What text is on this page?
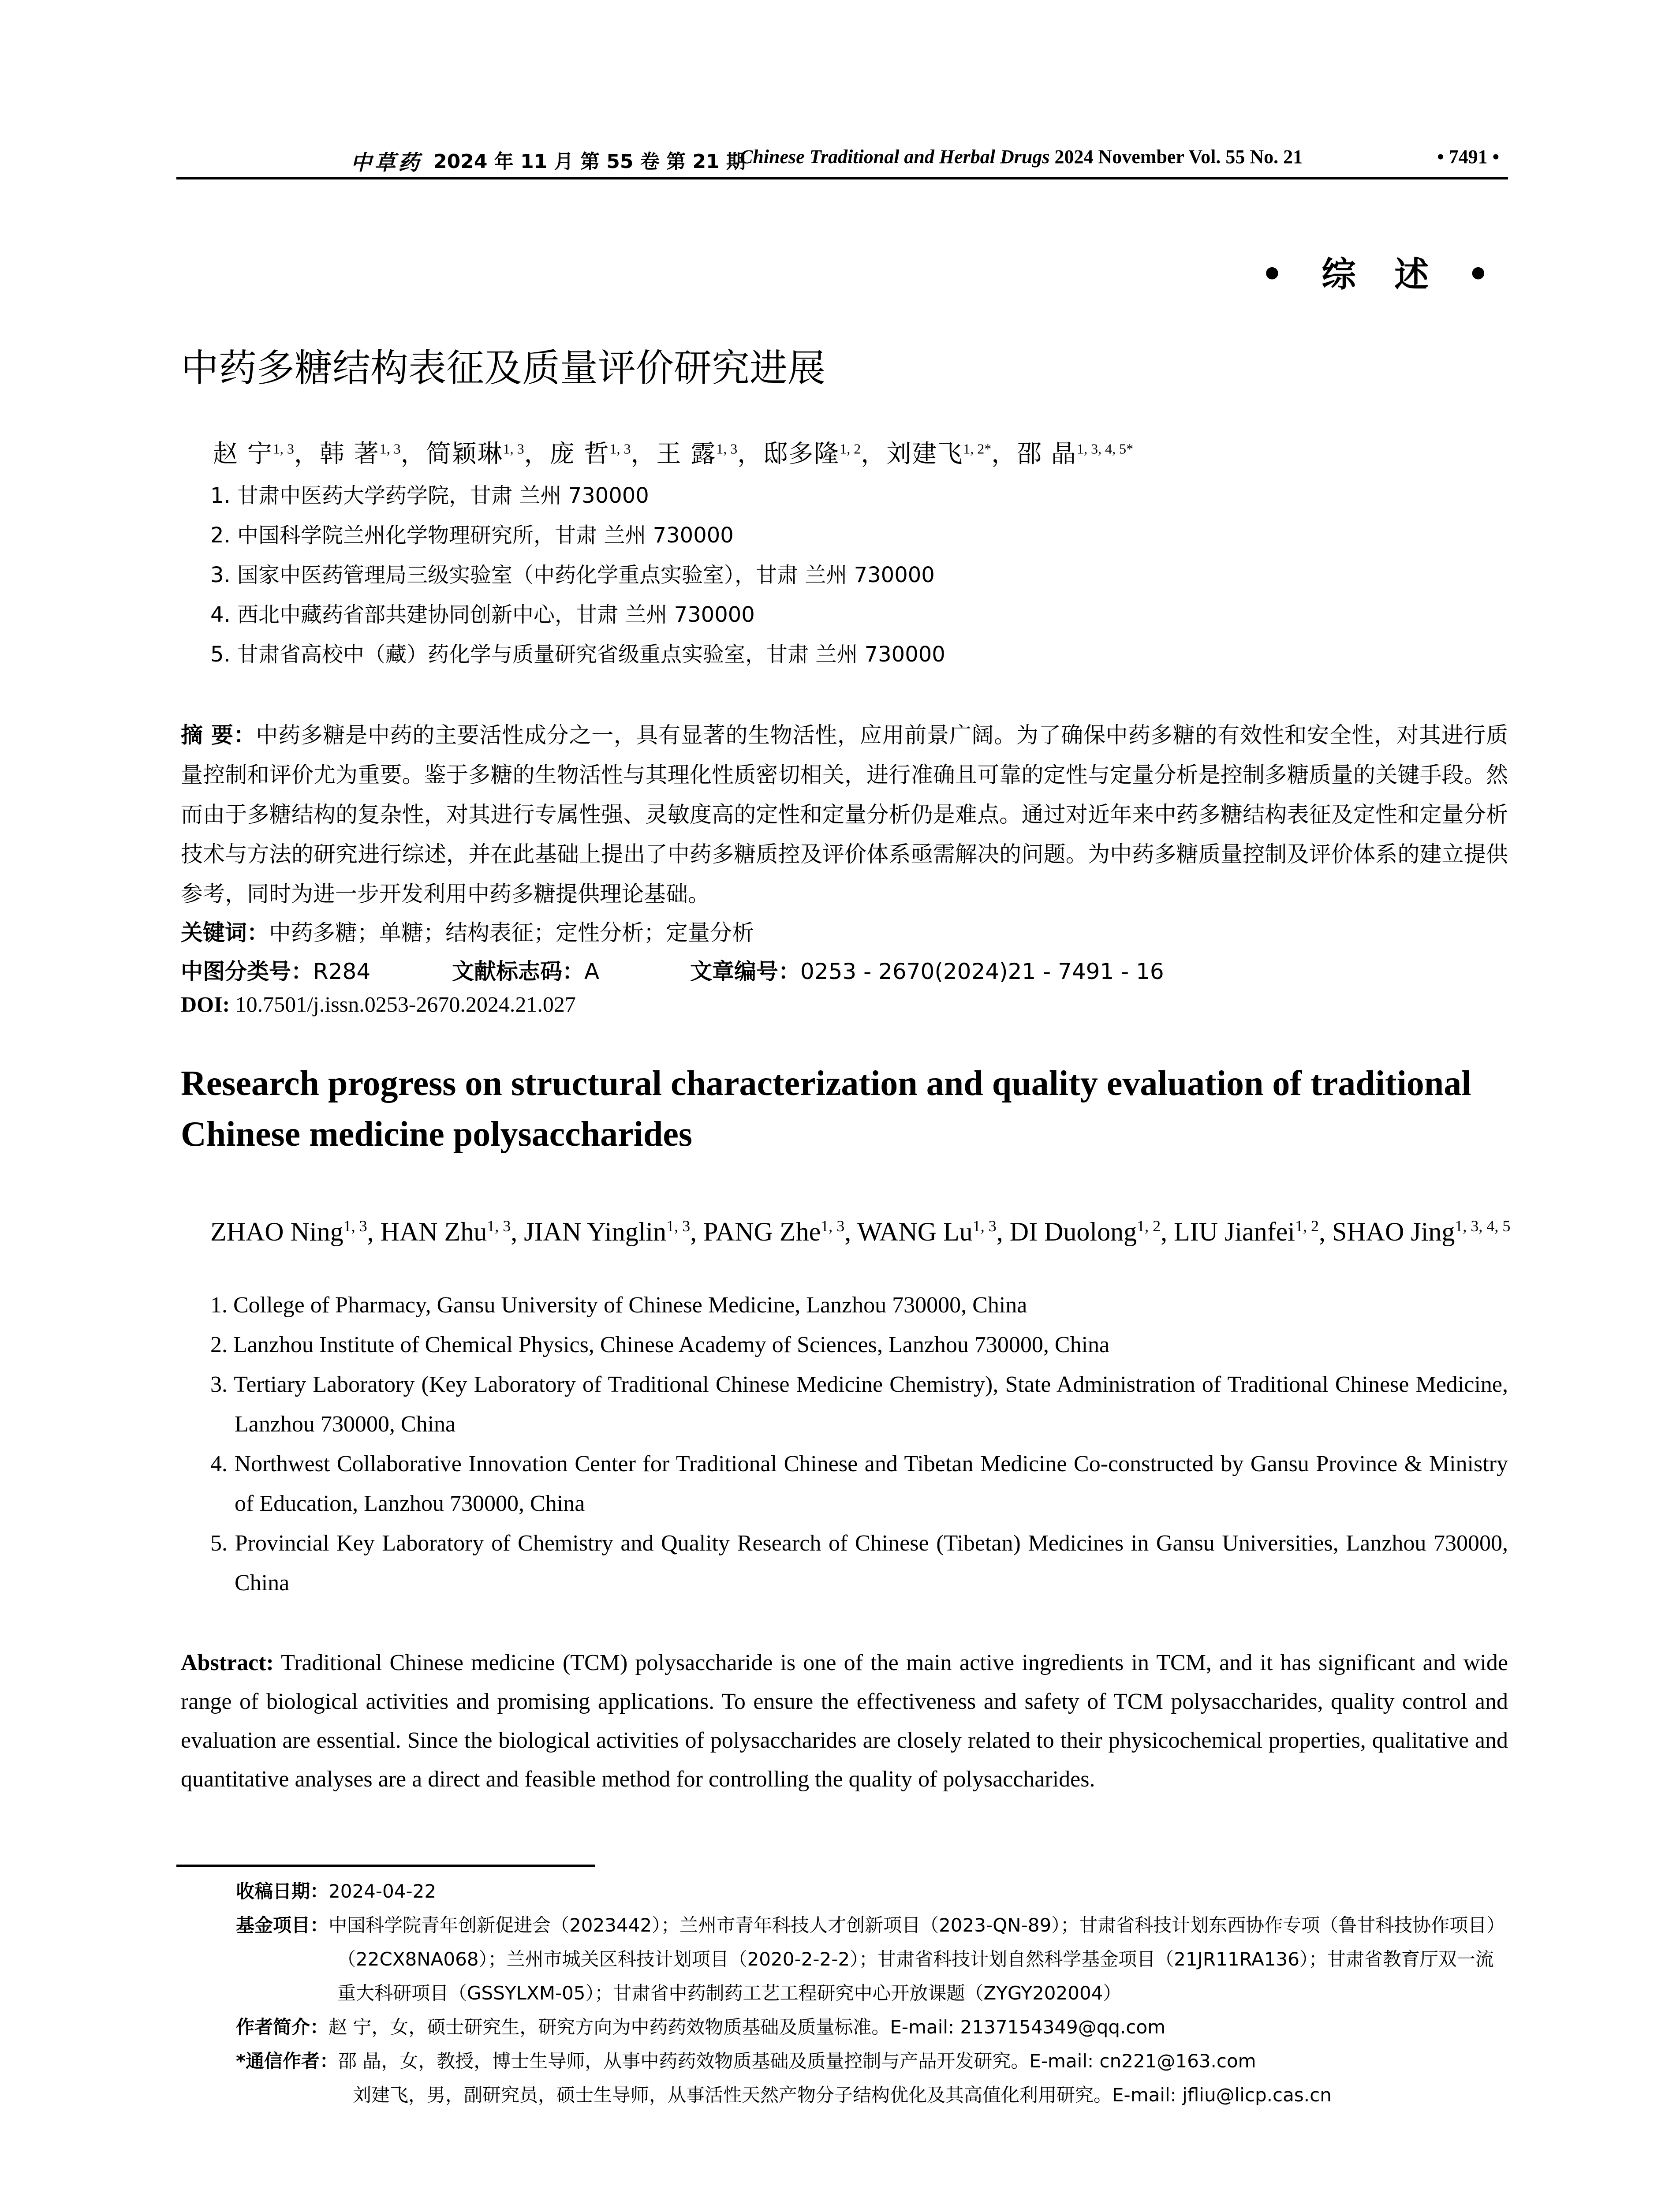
中草药 2024 年 11 月 第 55 卷 第 21 期
Chinese Traditional and Herbal Drugs 2024 November Vol. 55 No. 21	• 7491 •
• 综 述 •
中药多糖结构表征及质量评价研究进展
赵 宁$^{1, 3}$，韩 著$^{1, 3}$，简颖琳$^{1, 3}$，庞 哲$^{1, 3}$，王 露$^{1, 3}$，邸多隆$^{1, 2}$，刘建飞$^{1, 2*}$，邵 晶$^{1, 3, 4, 5*}$
1. 甘肃中医药大学药学院，甘肃 兰州 730000
2. 中国科学院兰州化学物理研究所，甘肃 兰州 730000
3. 国家中医药管理局三级实验室（中药化学重点实验室），甘肃 兰州 730000
4. 西北中藏药省部共建协同创新中心，甘肃 兰州 730000
5. 甘肃省高校中（藏）药化学与质量研究省级重点实验室，甘肃 兰州 730000
摘 要：中药多糖是中药的主要活性成分之一，具有显著的生物活性，应用前景广阔。为了确保中药多糖的有效性和安全性，对其进行质量控制和评价尤为重要。鉴于多糖的生物活性与其理化性质密切相关，进行准确且可靠的定性与定量分析是控制多糖质量的关键手段。然而由于多糖结构的复杂性，对其进行专属性强、灵敏度高的定性和定量分析仍是难点。通过对近年来中药多糖结构表征及定性和定量分析技术与方法的研究进行综述，并在此基础上提出了中药多糖质控及评价体系亟需解决的问题。为中药多糖质量控制及评价体系的建立提供参考，同时为进一步开发利用中药多糖提供理论基础。
关键词：中药多糖；单糖；结构表征；定性分析；定量分析
中图分类号：R284	文献标志码：A	文章编号：0253 - 2670(2024)21 - 7491 - 16
DOI: 10.7501/j.issn.0253-2670.2024.21.027
Research progress on structural characterization and quality evaluation of traditional Chinese medicine polysaccharides
ZHAO Ning$^{1, 3}$, HAN Zhu$^{1, 3}$, JIAN Yinglin$^{1, 3}$, PANG Zhe$^{1, 3}$, WANG Lu$^{1, 3}$, DI Duolong$^{1, 2}$, LIU Jianfei$^{1, 2}$, SHAO Jing$^{1, 3, 4, 5}$
1. College of Pharmacy, Gansu University of Chinese Medicine, Lanzhou 730000, China
2. Lanzhou Institute of Chemical Physics, Chinese Academy of Sciences, Lanzhou 730000, China
3. Tertiary Laboratory (Key Laboratory of Traditional Chinese Medicine Chemistry), State Administration of Traditional Chinese Medicine, Lanzhou 730000, China
4. Northwest Collaborative Innovation Center for Traditional Chinese and Tibetan Medicine Co-constructed by Gansu Province & Ministry of Education, Lanzhou 730000, China
5. Provincial Key Laboratory of Chemistry and Quality Research of Chinese (Tibetan) Medicines in Gansu Universities, Lanzhou 730000, China
Abstract: Traditional Chinese medicine (TCM) polysaccharide is one of the main active ingredients in TCM, and it has significant and wide range of biological activities and promising applications. To ensure the effectiveness and safety of TCM polysaccharides, quality control and evaluation are essential. Since the biological activities of polysaccharides are closely related to their physicochemical properties, qualitative and quantitative analyses are a direct and feasible method for controlling the quality of polysaccharides.
收稿日期：2024-04-22
基金项目：中国科学院青年创新促进会（2023442）；兰州市青年科技人才创新项目（2023-QN-89）；甘肃省科技计划东西协作专项（鲁甘科技协作项目）（22CX8NA068）；兰州市城关区科技计划项目（2020-2-2-2）；甘肃省科技计划自然科学基金项目（21JR11RA136）；甘肃省教育厅双一流重大科研项目（GSSYLXM-05）；甘肃省中药制药工艺工程研究中心开放课题（ZYGY202004）
作者简介：赵 宁，女，硕士研究生，研究方向为中药药效物质基础及质量标准。E-mail: 2137154349@qq.com
*通信作者：邵 晶，女，教授，博士生导师，从事中药药效物质基础及质量控制与产品开发研究。E-mail: cn221@163.com
刘建飞，男，副研究员，硕士生导师，从事活性天然产物分子结构优化及其高值化利用研究。E-mail: jfliu@licp.cas.cn
